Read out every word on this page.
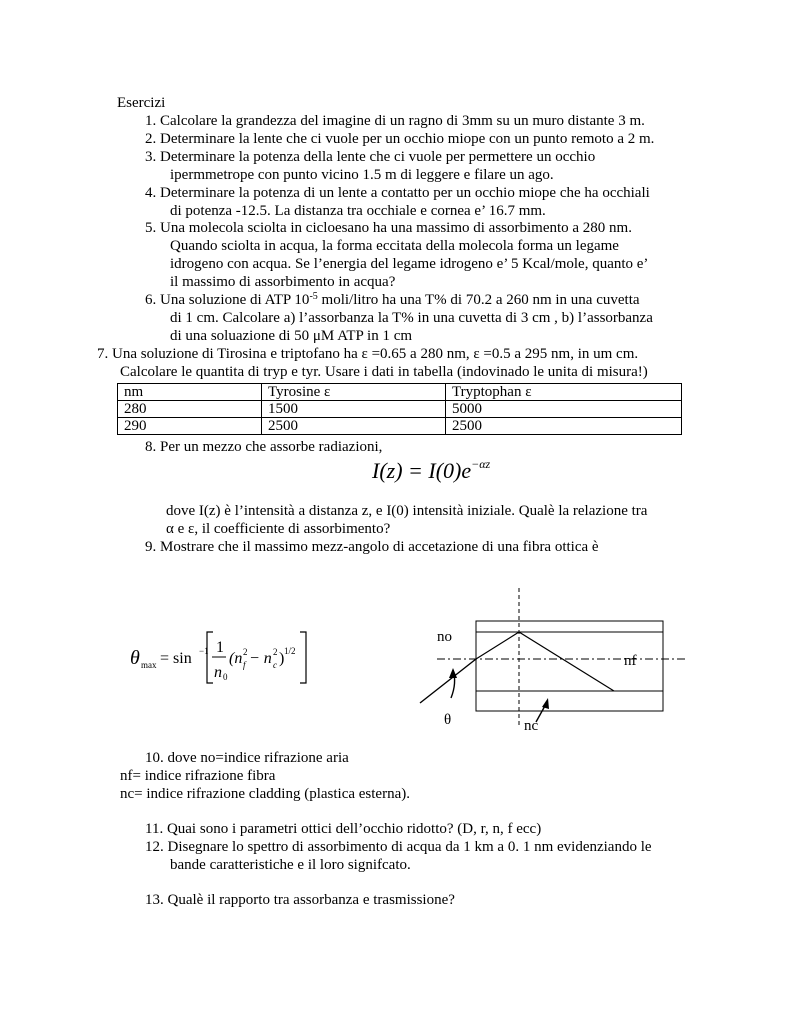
Esercizi
1. Calcolare la grandezza del imagine di un ragno di 3mm su un muro distante 3 m.
2. Determinare la lente che ci vuole per un occhio miope con un punto remoto a 2 m.
3. Determinare la potenza della lente che ci vuole per permettere un occhio
ipermmetrope con punto vicino 1.5 m di leggere e filare un ago.
4. Determinare la potenza di un lente a contatto per un occhio miope che ha occhiali
di potenza -12.5. La distanza tra occhiale e cornea e’ 16.7 mm.
5. Una molecola sciolta in cicloesano ha una massimo di assorbimento a 280 nm.
Quando sciolta in acqua, la forma eccitata della molecola forma un legame
idrogeno con acqua. Se l’energia del legame idrogeno e’ 5 Kcal/mole, quanto e’
il massimo di assorbimento in acqua?
6. Una soluzione di ATP $10^{-5}$ moli/litro ha una T% di 70.2 a 260 nm in una cuvetta
di 1 cm. Calcolare a) l’assorbanza la T% in una cuvetta di 3 cm , b) l’assorbanza
di una soluazione di 50 μM ATP in 1 cm
7. Una soluzione di Tirosina e triptofano ha ε =0.65 a 280 nm, ε =0.5 a 295 nm, in um cm.
Calcolare le quantita di tryp e tyr. Usare i dati in tabella (indovinado le unita di misura!)
nm	Tyrosine ε	Tryptophan ε
280	1500	5000
290	2500	2500
8. Per un mezzo che assorbe radiazioni,
$I(z) = I(0)e^{-\alpha z}$
dove I(z) è l’intensità a distanza z, e I(0) intensità iniziale. Qualè la relazione tra
α e ε, il coefficiente di assorbimento?
9. Mostrare che il massimo mezz-angolo di accetazione di una fibra ottica è
θ max = sin −1 1
n 0
(n 2
f − n 2
c ) 1/2
no
nf
θ	nc
10. dove no=indice rifrazione aria
nf= indice rifrazione fibra
nc= indice rifrazione cladding (plastica esterna).
11. Quai sono i parametri ottici dell’occhio ridotto? (D, r, n, f ecc)
12. Disegnare lo spettro di assorbimento di acqua da 1 km a 0. 1 nm evidenziando le
bande caratteristiche e il loro signifcato.
13. Qualè il rapporto tra assorbanza e trasmissione?
